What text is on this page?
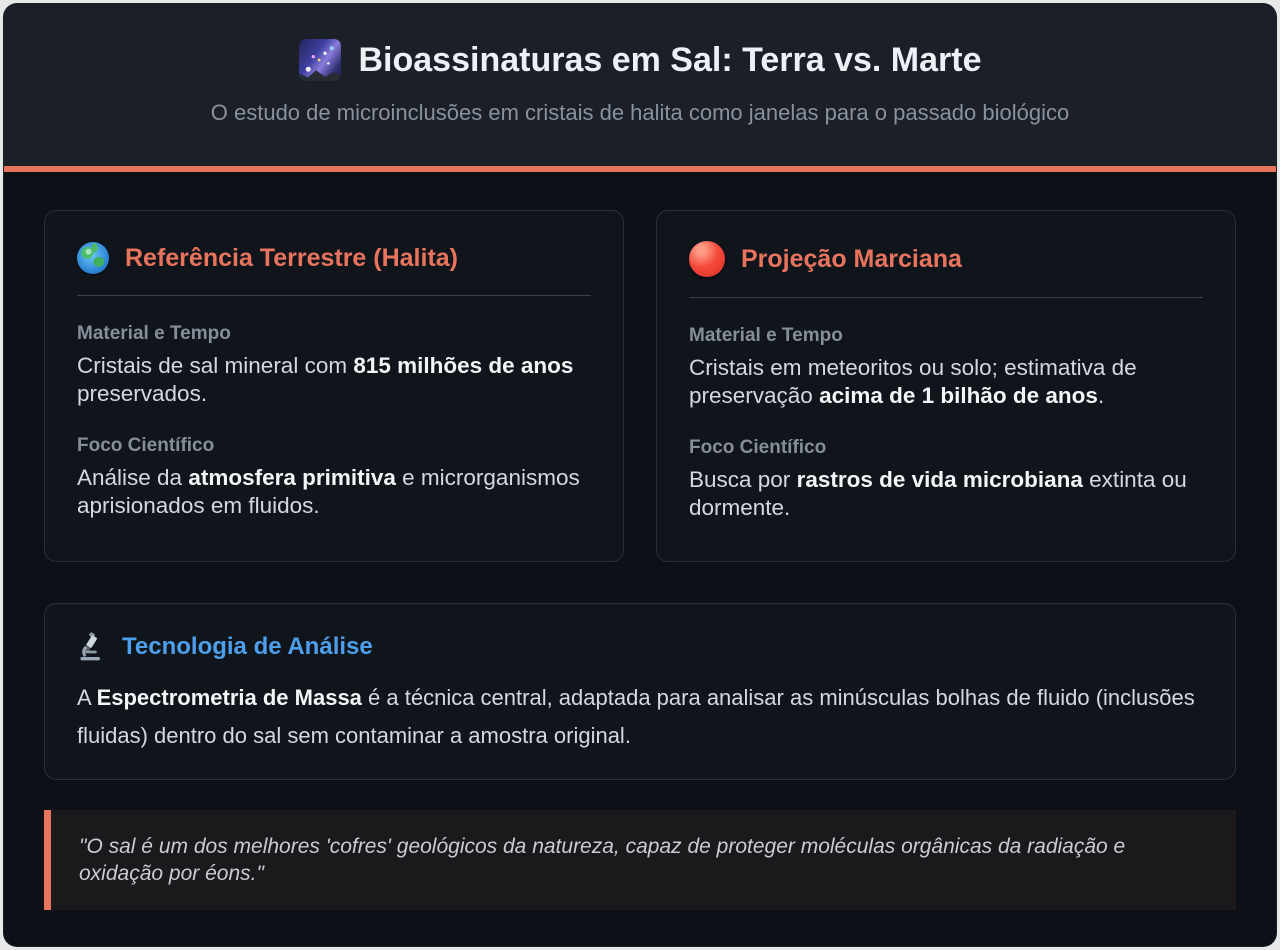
Bioassinaturas em Sal: Terra vs. Marte
O estudo de microinclusões em cristais de halita como janelas para o passado biológico
Referência Terrestre (Halita)
Material e Tempo

Cristais de sal mineral com 815 milhões de anos preservados.

Foco Científico

Análise da atmosfera primitiva e microrganismos aprisionados em fluidos.

Projeção Marciana
Material e Tempo

Cristais em meteoritos ou solo; estimativa de preservação acima de 1 bilhão de anos.

Foco Científico

Busca por rastros de vida microbiana extinta ou dormente.

Tecnologia de Análise

A Espectrometria de Massa é a técnica central, adaptada para analisar as minúsculas bolhas de fluido (inclusões fluidas) dentro do sal sem contaminar a amostra original.

"O sal é um dos melhores 'cofres' geológicos da natureza, capaz de proteger moléculas orgânicas da radiação e oxidação por éons."
